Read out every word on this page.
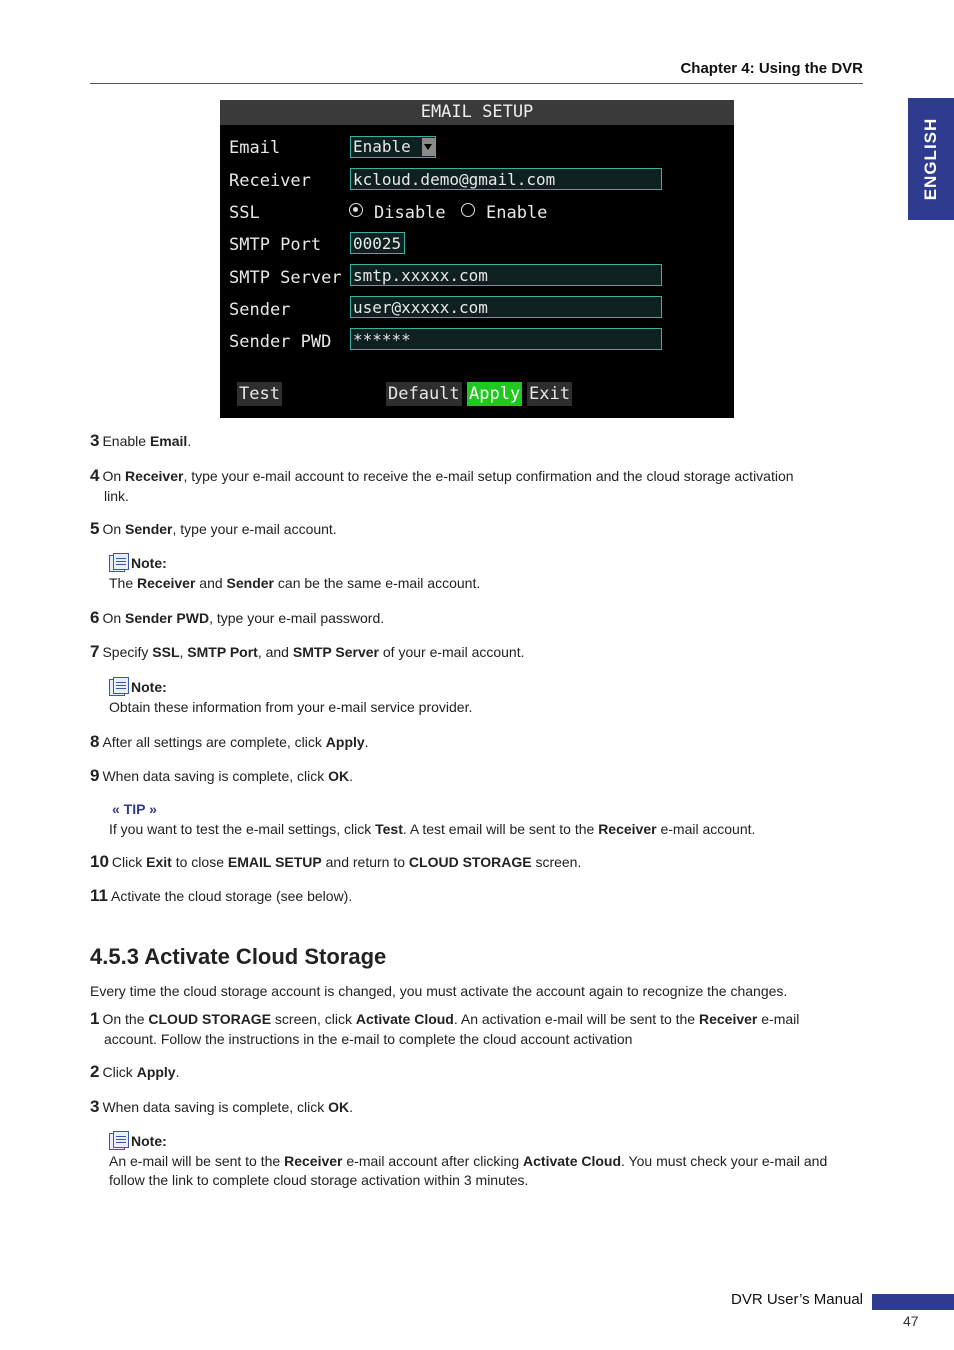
Chapter 4: Using the DVR
ENGLISH
EMAIL SETUP
Email	Enable
Receiver	kcloud.demo@gmail.com
SSL	Disable Enable
SMTP Port 00025
SMTP Server smtp.xxxxx.com
Sender	user@xxxxx.com
Sender PWD ******
Test	Default Apply Exit
3 Enable Email.
4 On Receiver, type your e-mail account to receive the e-mail setup confirmation and the cloud storage activation
link.
5 On Sender, type your e-mail account.
Note:
The Receiver and Sender can be the same e-mail account.
6 On Sender PWD, type your e-mail password.
7 Specify SSL, SMTP Port, and SMTP Server of your e-mail account.
Note:
Obtain these information from your e-mail service provider.
8 After all settings are complete, click Apply.
9 When data saving is complete, click OK.
« TIP »
If you want to test the e-mail settings, click Test. A test email will be sent to the Receiver e-mail account.
10 Click Exit to close EMAIL SETUP and return to CLOUD STORAGE screen.
11 Activate the cloud storage (see below).
4.5.3 Activate Cloud Storage
Every time the cloud storage account is changed, you must activate the account again to recognize the changes.
1 On the CLOUD STORAGE screen, click Activate Cloud. An activation e-mail will be sent to the Receiver e-mail
account. Follow the instructions in the e-mail to complete the cloud account activation
2 Click Apply.
3 When data saving is complete, click OK.
Note:
An e-mail will be sent to the Receiver e-mail account after clicking Activate Cloud. You must check your e-mail and follow the link to complete cloud storage activation within 3 minutes.
DVR User’s Manual
47
